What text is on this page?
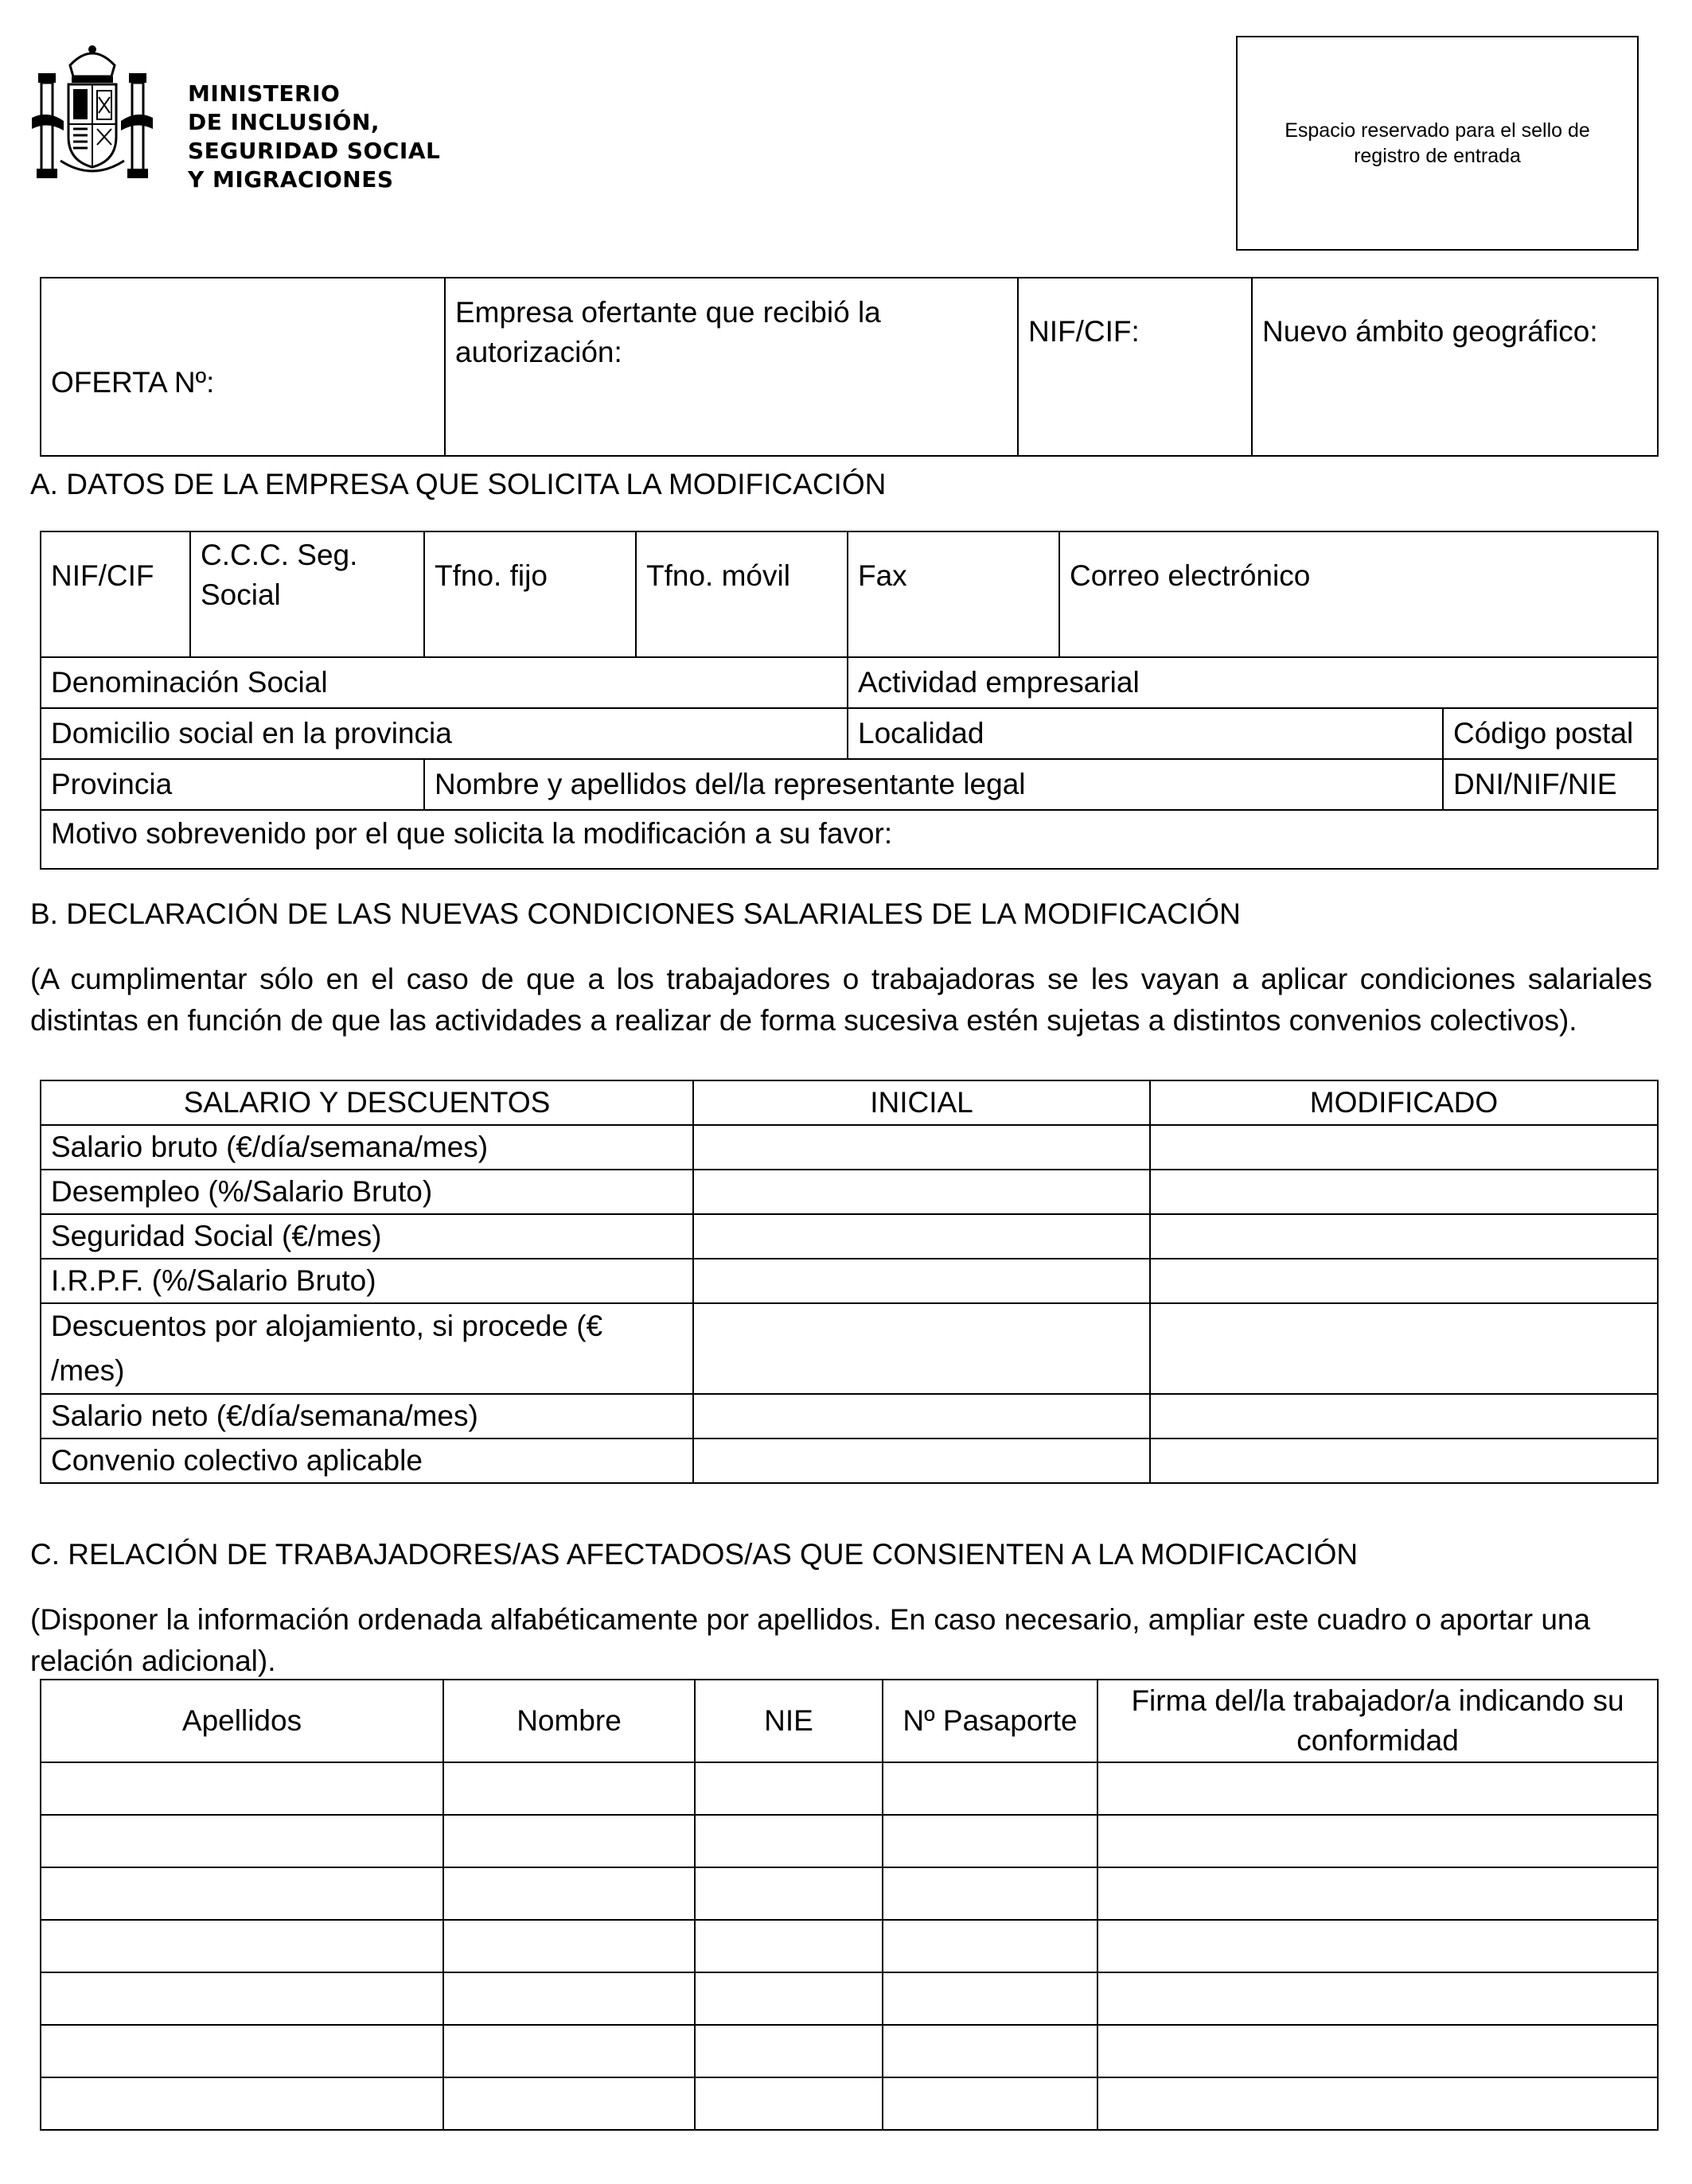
MINISTERIO
DE INCLUSIÓN,
SEGURIDAD SOCIAL
Y MIGRACIONES
Espacio reservado para el sello de registro de entrada
OFERTA Nº:	Empresa ofertante que recibió la autorización:	NIF/CIF:	Nuevo ámbito geográfico:
A. DATOS DE LA EMPRESA QUE SOLICITA LA MODIFICACIÓN
NIF/CIF	C.C.C. Seg. Social	Tfno. fijo	Tfno. móvil	Fax	Correo electrónico	
Denominación Social				Actividad empresarial		
Domicilio social en la provincia				Localidad		Código postal
Provincia		Nombre y apellidos del/la representante legal				DNI/NIF/NIE
Motivo sobrevenido por el que solicita la modificación a su favor:						
B. DECLARACIÓN DE LAS NUEVAS CONDICIONES SALARIALES DE LA MODIFICACIÓN
(A cumplimentar sólo en el caso de que a los trabajadores o trabajadoras se les vayan a aplicar condiciones salariales distintas en función de que las actividades a realizar de forma sucesiva estén sujetas a distintos convenios colectivos).
SALARIO Y DESCUENTOS	INICIAL	MODIFICADO
Salario bruto (€/día/semana/mes)		
Desempleo (%/Salario Bruto)		
Seguridad Social (€/mes)		
I.R.P.F. (%/Salario Bruto)		
Descuentos por alojamiento, si procede (€ /mes)		
Salario neto (€/día/semana/mes)		
Convenio colectivo aplicable		
C. RELACIÓN DE TRABAJADORES/AS AFECTADOS/AS QUE CONSIENTEN A LA MODIFICACIÓN
(Disponer la información ordenada alfabéticamente por apellidos. En caso necesario, ampliar este cuadro o aportar una relación adicional).
Apellidos	Nombre	NIE	Nº Pasaporte	Firma del/la trabajador/a indicando su conformidad
